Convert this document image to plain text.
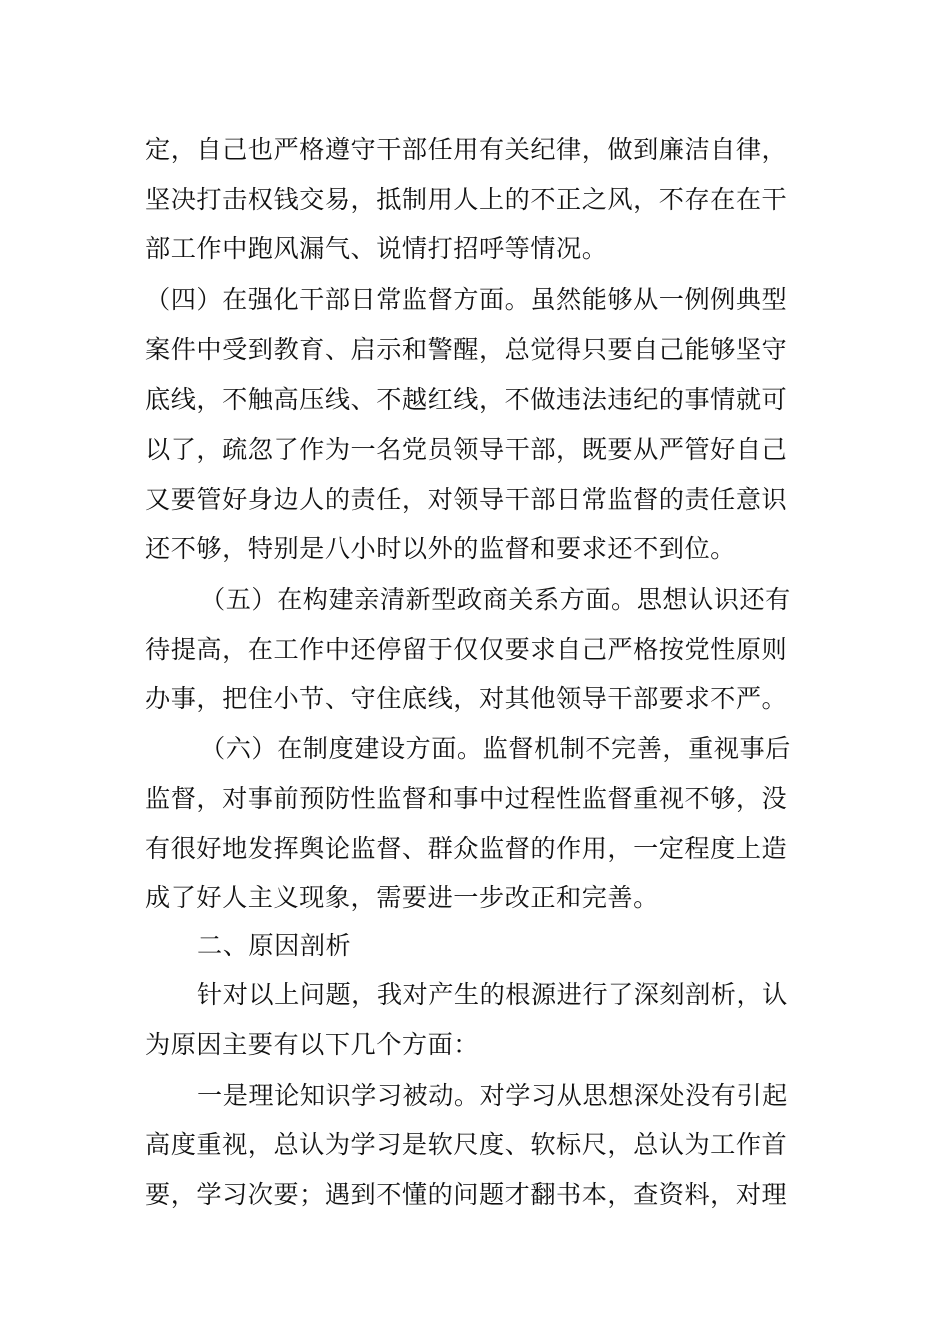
定，自己也严格遵守干部任用有关纪律，做到廉洁自律，
坚决打击权钱交易，抵制用人上的不正之风，不存在在干
部工作中跑风漏气、说情打招呼等情况。
（四）在强化干部日常监督方面。虽然能够从一例例典型
案件中受到教育、启示和警醒，总觉得只要自己能够坚守
底线，不触高压线、不越红线，不做违法违纪的事情就可
以了，疏忽了作为一名党员领导干部，既要从严管好自己
又要管好身边人的责任，对领导干部日常监督的责任意识
还不够，特别是八小时以外的监督和要求还不到位。
（五）在构建亲清新型政商关系方面。思想认识还有
待提高，在工作中还停留于仅仅要求自己严格按党性原则
办事，把住小节、守住底线，对其他领导干部要求不严。
（六）在制度建设方面。监督机制不完善，重视事后
监督，对事前预防性监督和事中过程性监督重视不够，没
有很好地发挥舆论监督、群众监督的作用，一定程度上造
成了好人主义现象，需要进一步改正和完善。
二、原因剖析
针对以上问题，我对产生的根源进行了深刻剖析，认
为原因主要有以下几个方面：
一是理论知识学习被动。对学习从思想深处没有引起
高度重视，总认为学习是软尺度、软标尺，总认为工作首
要，学习次要；遇到不懂的问题才翻书本，查资料，对理
